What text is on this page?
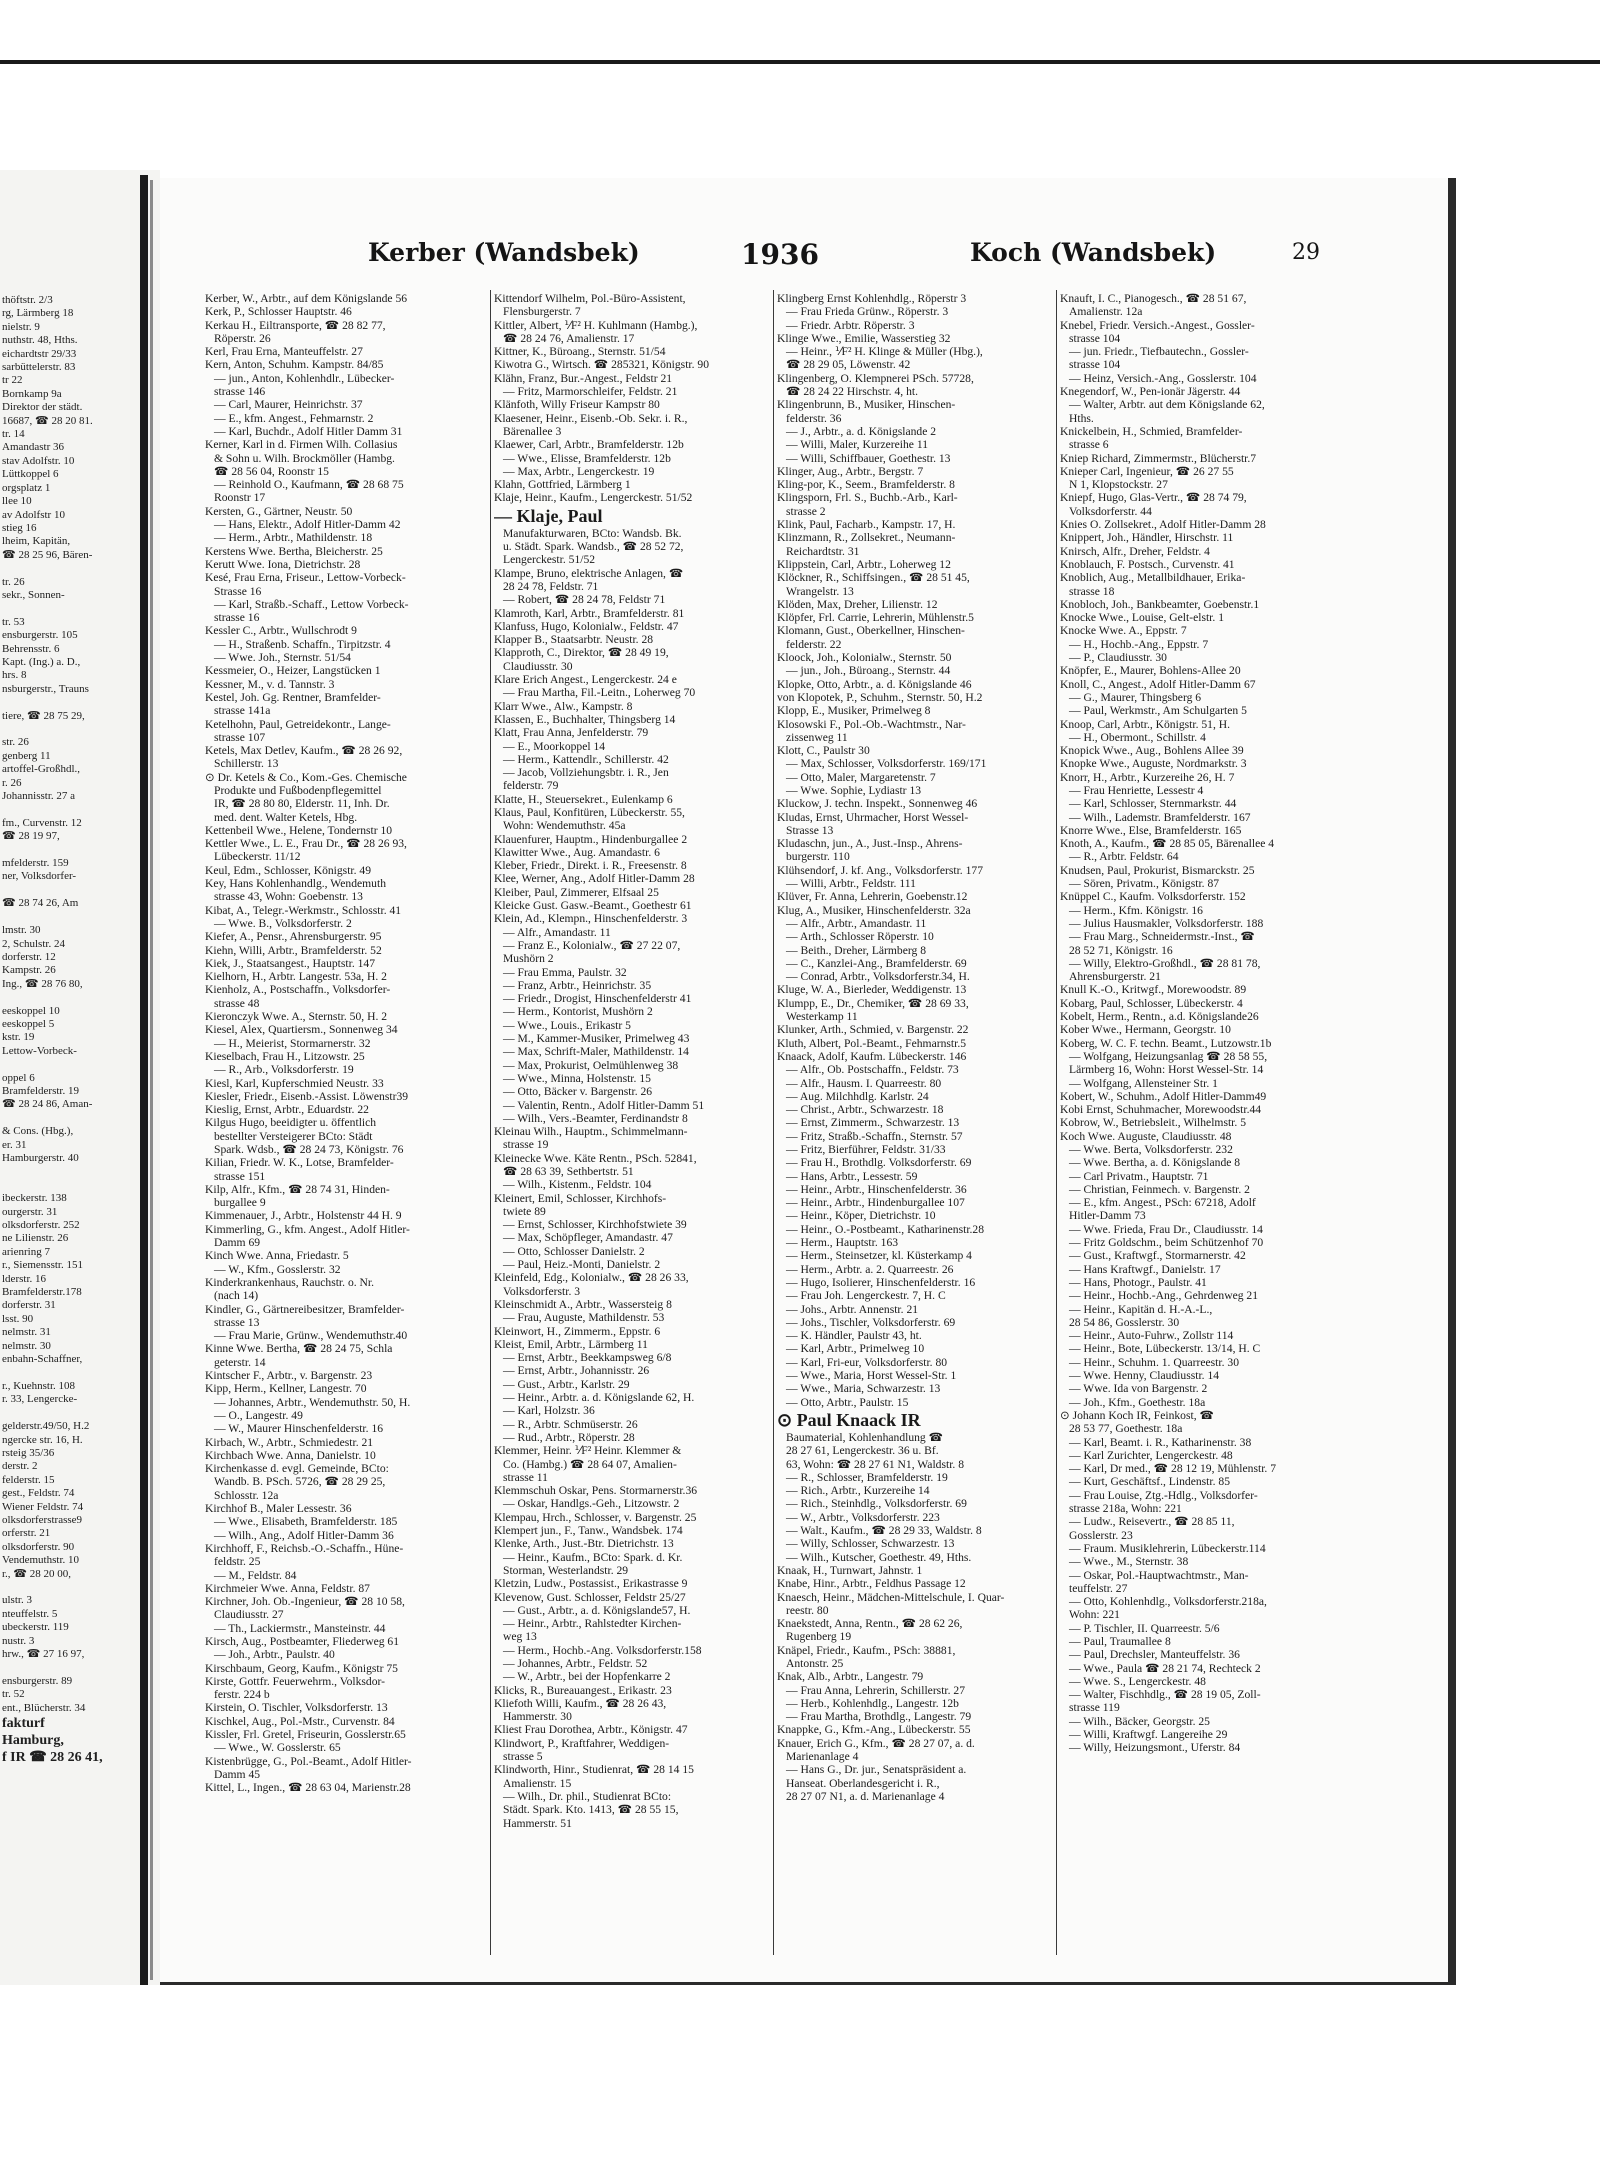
thöftstr. 2/3
rg, Lärmberg 18
nielstr. 9
nuthstr. 48, Hths.
eichardtstr 29/33
sarbüttelerstr. 83
tr 22
Bornkamp 9a
Direktor der städt.
16687, ☎ 28 20 81.
tr. 14
Amandastr 36
stav Adolfstr. 10
Lüttkoppel 6
orgsplatz 1
llee 10
av Adolfstr 10
stieg 16
lheim, Kapitän,
☎ 28 25 96, Bären-

tr. 26
sekr., Sonnen-

tr. 53
ensburgerstr. 105
Behrensstr. 6
Kapt. (Ing.) a. D.,
hrs. 8
nsburgerstr., Trauns

tiere, ☎ 28 75 29,

str. 26
genberg 11
artoffel-Großhdl.,
r. 26
Johannisstr. 27 a

fm., Curvenstr. 12
☎ 28 19 97,

mfelderstr. 159
ner, Volksdorfer-

☎ 28 74 26, Am

lmstr. 30
2, Schulstr. 24
dorferstr. 12
Kampstr. 26
Ing., ☎ 28 76 80,

eeskoppel 10
eeskoppel 5
kstr. 19
Lettow-Vorbeck-

oppel 6
Bramfelderstr. 19
☎ 28 24 86, Aman-

& Cons. (Hbg.),
er. 31
Hamburgerstr. 40

ibeckerstr. 138
ourgerstr. 31
olksdorferstr. 252
ne Lilienstr. 26
arienring 7
r., Siemensstr. 151
lderstr. 16
Bramfelderstr.178
dorferstr. 31
lsst. 90
nelmstr. 31
nelmstr. 30
enbahn-Schaffner,

r., Kuehnstr. 108
r. 33, Lengercke-

gelderstr.49/50, H.2
ngercke str. 16, H.
rsteig 35/36
derstr. 2
felderstr. 15
gest., Feldstr. 74
Wiener Feldstr. 74
olksdorferstrasse9
orferstr. 21
olksdorferstr. 90
Vendemuthstr. 10
r., ☎ 28 20 00,

ulstr. 3
nteuffelstr. 5
ubeckerstr. 119
nustr. 3
hrw., ☎ 27 16 97,

ensburgerstr. 89
tr. 52
ent., Blücherstr. 34
fakturf
Hamburg,
f IR ☎ 28 26 41,
Kerber (Wandsbek)	1936	Koch (Wandsbek)	29
Kerber, W., Arbtr., auf dem Königslande 56
Kerk, P., Schlosser Hauptstr. 46
Kerkau H., Eiltransporte, ☎ 28 82 77,
Röperstr. 26
Kerl, Frau Erna, Manteuffelstr. 27
Kern, Anton, Schuhm. Kampstr. 84/85
— jun., Anton, Kohlenhdlr., Lübecker-
strasse 146
— Carl, Maurer, Heinrichstr. 37
— E., kfm. Angest., Fehmarnstr. 2
— Karl, Buchdr., Adolf Hitler Damm 31
Kerner, Karl in d. Firmen Wilh. Collasius
& Sohn u. Wilh. Brockmöller (Hambg.
☎ 28 56 04, Roonstr 15
— Reinhold O., Kaufmann, ☎ 28 68 75
Roonstr 17
Kersten, G., Gärtner, Neustr. 50
— Hans, Elektr., Adolf Hitler-Damm 42
— Herm., Arbtr., Mathildenstr. 18
Kerstens Wwe. Bertha, Bleicherstr. 25
Kerutt Wwe. Iona, Dietrichstr. 28
Kesé, Frau Erna, Friseur., Lettow-Vorbeck-
Strasse 16
— Karl, Straßb.-Schaff., Lettow Vorbeck-
strasse 16
Kessler C., Arbtr., Wullschrodt 9
— H., Straßenb. Schaffn., Tirpitzstr. 4
— Wwe. Joh., Sternstr. 51/54
Kessmeier, O., Heizer, Langstücken 1
Kessner, M., v. d. Tannstr. 3
Kestel, Joh. Gg. Rentner, Bramfelder-
strasse 141a
Ketelhohn, Paul, Getreidekontr., Lange-
strasse 107
Ketels, Max Detlev, Kaufm., ☎ 28 26 92,
Schillerstr. 13
⊙ Dr. Ketels & Co., Kom.-Ges. Chemische
Produkte und Fußbodenpflegemittel
IR, ☎ 28 80 80, Elderstr. 11, Inh. Dr.
med. dent. Walter Ketels, Hbg.
Kettenbeil Wwe., Helene, Tondernstr 10
Kettler Wwe., L. E., Frau Dr., ☎ 28 26 93,
Lübeckerstr. 11/12
Keul, Edm., Schlosser, Königstr. 49
Key, Hans Kohlenhandlg., Wendemuth
strasse 43, Wohn: Goebenstr. 13
Kibat, A., Telegr.-Werkmstr., Schlosstr. 41
— Wwe. B., Volksdorferstr. 2
Kiefer, A., Pensr., Ahrensburgerstr. 95
Kiehn, Willi, Arbtr., Bramfelderstr. 52
Kiek, J., Staatsangest., Hauptstr. 147
Kielhorn, H., Arbtr. Langestr. 53a, H. 2
Kienholz, A., Postschaffn., Volksdorfer-
strasse 48
Kieronczyk Wwe. A., Sternstr. 50, H. 2
Kiesel, Alex, Quartiersm., Sonnenweg 34
— H., Meierist, Stormarnerstr. 32
Kieselbach, Frau H., Litzowstr. 25
— R., Arb., Volksdorferstr. 19
Kiesl, Karl, Kupferschmied Neustr. 33
Kiesler, Friedr., Eisenb.-Assist. Löwenstr39
Kieslig, Ernst, Arbtr., Eduardstr. 22
Kilgus Hugo, beeidigter u. öffentlich
bestellter Versteigerer BCto: Städt
Spark. Wdsb., ☎ 28 24 73, Königstr. 76
Kilian, Friedr. W. K., Lotse, Bramfelder-
strasse 151
Kilp, Alfr., Kfm., ☎ 28 74 31, Hinden-
burgallee 9
Kimmenauer, J., Arbtr., Holstenstr 44 H. 9
Kimmerling, G., kfm. Angest., Adolf Hitler-
Damm 69
Kinch Wwe. Anna, Friedastr. 5
— W., Kfm., Gosslerstr. 32
Kinderkrankenhaus, Rauchstr. o. Nr.
(nach 14)
Kindler, G., Gärtnereibesitzer, Bramfelder-
strasse 13
— Frau Marie, Grünw., Wendemuthstr.40
Kinne Wwe. Bertha, ☎ 28 24 75, Schla
geterstr. 14
Kintscher F., Arbtr., v. Bargenstr. 23
Kipp, Herm., Kellner, Langestr. 70
— Johannes, Arbtr., Wendemuthstr. 50, H.
— O., Langestr. 49
— W., Maurer Hinschenfelderstr. 16
Kirbach, W., Arbtr., Schmiedestr. 21
Kirchbach Wwe. Anna, Danielstr. 10
Kirchenkasse d. evgl. Gemeinde, BCto:
Wandb. B. PSch. 5726, ☎ 28 29 25,
Schlosstr. 12a
Kirchhof B., Maler Lessestr. 36
— Wwe., Elisabeth, Bramfelderstr. 185
— Wilh., Ang., Adolf Hitler-Damm 36
Kirchhoff, F., Reichsb.-O.-Schaffn., Hüne-
feldstr. 25
— M., Feldstr. 84
Kirchmeier Wwe. Anna, Feldstr. 87
Kirchner, Joh. Ob.-Ingenieur, ☎ 28 10 58,
Claudiusstr. 27
— Th., Lackiermstr., Mansteinstr. 44
Kirsch, Aug., Postbeamter, Fliederweg 61
— Joh., Arbtr., Paulstr. 40
Kirschbaum, Georg, Kaufm., Königstr 75
Kirste, Gottfr. Feuerwehrm., Volksdor-
ferstr. 224 b
Kirstein, O. Tischler, Volksdorferstr. 13
Kischkel, Aug., Pol.-Mstr., Curvenstr. 84
Kissler, Frl. Gretel, Friseurin, Gosslerstr.65
— Wwe., W. Gosslerstr. 65
Kistenbrügge, G., Pol.-Beamt., Adolf Hitler-
Damm 45
Kittel, L., Ingen., ☎ 28 63 04, Marienstr.28
Kittendorf Wilhelm, Pol.-Büro-Assistent,
Flensburgerstr. 7
Kittler, Albert, ⅟F² H. Kuhlmann (Hambg.),
☎ 28 24 76, Amalienstr. 17
Kittner, K., Büroang., Sternstr. 51/54
Kiwotra G., Wirtsch. ☎ 285321, Königstr. 90
Klähn, Franz, Bur.-Angest., Feldstr 21
— Fritz, Marmorschleifer, Feldstr. 21
Klänfoth, Willy Friseur Kampstr 80
Klaesener, Heinr., Eisenb.-Ob. Sekr. i. R.,
Bärenallee 3
Klaewer, Carl, Arbtr., Bramfelderstr. 12b
— Wwe., Elisse, Bramfelderstr. 12b
— Max, Arbtr., Lengerckestr. 19
Klahn, Gottfried, Lärmberg 1
Klaje, Heinr., Kaufm., Lengerckestr. 51/52
— Klaje, Paul
Manufakturwaren, BCto: Wandsb. Bk.
u. Städt. Spark. Wandsb., ☎ 28 52 72,
Lengerckestr. 51/52
Klampe, Bruno, elektrische Anlagen, ☎
28 24 78, Feldstr. 71
— Robert, ☎ 28 24 78, Feldstr 71
Klamroth, Karl, Arbtr., Bramfelderstr. 81
Klanfuss, Hugo, Kolonialw., Feldstr. 47
Klapper B., Staatsarbtr. Neustr. 28
Klapproth, C., Direktor, ☎ 28 49 19,
Claudiusstr. 30
Klare Erich Angest., Lengerckestr. 24 e
— Frau Martha, Fil.-Leitn., Loherweg 70
Klarr Wwe., Alw., Kampstr. 8
Klassen, E., Buchhalter, Thingsberg 14
Klatt, Frau Anna, Jenfelderstr. 79
— E., Moorkoppel 14
— Herm., Kattendlr., Schillerstr. 42
— Jacob, Vollziehungsbtr. i. R., Jen
felderstr. 79
Klatte, H., Steuersekret., Eulenkamp 6
Klaus, Paul, Konfitüren, Lübeckerstr. 55,
Wohn: Wendemuthstr. 45a
Klauenfurer, Hauptm., Hindenburgallee 2
Klawitter Wwe., Aug. Amandastr. 6
Kleber, Friedr., Direkt. i. R., Freesenstr. 8
Klee, Werner, Ang., Adolf Hitler-Damm 28
Kleiber, Paul, Zimmerer, Elfsaal 25
Kleicke Gust. Gasw.-Beamt., Goethestr 61
Klein, Ad., Klempn., Hinschenfelderstr. 3
— Alfr., Amandastr. 11
— Franz E., Kolonialw., ☎ 27 22 07,
Mushörn 2
— Frau Emma, Paulstr. 32
— Franz, Arbtr., Heinrichstr. 35
— Friedr., Drogist, Hinschenfelderstr 41
— Herm., Kontorist, Mushörn 2
— Wwe., Louis., Erikastr 5
— M., Kammer-Musiker, Primelweg 43
— Max, Schrift-Maler, Mathildenstr. 14
— Max, Prokurist, Oelmühlenweg 38
— Wwe., Minna, Holstenstr. 15
— Otto, Bäcker v. Bargenstr. 26
— Valentin, Rentn., Adolf Hitler-Damm 51
— Wilh., Vers.-Beamter, Ferdinandstr 8
Kleinau Wilh., Hauptm., Schimmelmann-
strasse 19
Kleinecke Wwe. Käte Rentn., PSch. 52841,
☎ 28 63 39, Sethbertstr. 51
— Wilh., Kistenm., Feldstr. 104
Kleinert, Emil, Schlosser, Kirchhofs-
twiete 89
— Ernst, Schlosser, Kirchhofstwiete 39
— Max, Schöpfleger, Amandastr. 47
— Otto, Schlosser Danielstr. 2
— Paul, Heiz.-Monti, Danielstr. 2
Kleinfeld, Edg., Kolonialw., ☎ 28 26 33,
Volksdorferstr. 3
Kleinschmidt A., Arbtr., Wassersteig 8
— Frau, Auguste, Mathildenstr. 53
Kleinwort, H., Zimmerm., Eppstr. 6
Kleist, Emil, Arbtr., Lärmberg 11
— Ernst, Arbtr., Beekkampsweg 6/8
— Ernst, Arbtr., Johannisstr. 26
— Gust., Arbtr., Karlstr. 29
— Heinr., Arbtr. a. d. Königslande 62, H.
— Karl, Holzstr. 36
— R., Arbtr. Schmüserstr. 26
— Rud., Arbtr., Röperstr. 28
Klemmer, Heinr. ⅟F² Heinr. Klemmer &
Co. (Hambg.) ☎ 28 64 07, Amalien-
strasse 11
Klemmschuh Oskar, Pens. Stormarnerstr.36
— Oskar, Handlgs.-Geh., Litzowstr. 2
Klempau, Hrch., Schlosser, v. Bargenstr. 25
Klempert jun., F., Tanw., Wandsbek. 174
Klenke, Arth., Just.-Btr. Dietrichstr. 13
— Heinr., Kaufm., BCto: Spark. d. Kr.
Storman, Westerlandstr. 29
Kletzin, Ludw., Postassist., Erikastrasse 9
Klevenow, Gust. Schlosser, Feldstr 25/27
— Gust., Arbtr., a. d. Königslande57, H.
— Heinr., Arbtr., Rahlstedter Kirchen-
weg 13
— Herm., Hochb.-Ang. Volksdorferstr.158
— Johannes, Arbtr., Feldstr. 52
— W., Arbtr., bei der Hopfenkarre 2
Klicks, R., Bureauangest., Erikastr. 23
Kliefoth Willi, Kaufm., ☎ 28 26 43,
Hammerstr. 30
Kliest Frau Dorothea, Arbtr., Königstr. 47
Klindwort, P., Kraftfahrer, Weddigen-
strasse 5
Klindworth, Hinr., Studienrat, ☎ 28 14 15
Amalienstr. 15
— Wilh., Dr. phil., Studienrat BCto:
Städt. Spark. Kto. 1413, ☎ 28 55 15,
Hammerstr. 51
Klingberg Ernst Kohlenhdlg., Röperstr 3
— Frau Frieda Grünw., Röperstr. 3
— Friedr. Arbtr. Röperstr. 3
Klinge Wwe., Emilie, Wasserstieg 32
— Heinr., ⅟F² H. Klinge & Müller (Hbg.),
☎ 28 29 05, Löwenstr. 42
Klingenberg, O. Klempnerei PSch. 57728,
☎ 28 24 22 Hirschstr. 4, ht.
Klingenbrunn, B., Musiker, Hinschen-
felderstr. 36
— J., Arbtr., a. d. Königslande 2
— Willi, Maler, Kurzereihe 11
— Willi, Schiffbauer, Goethestr. 13
Klinger, Aug., Arbtr., Bergstr. 7
Kling-por, K., Seem., Bramfelderstr. 8
Klingsporn, Frl. S., Buchb.-Arb., Karl-
strasse 2
Klink, Paul, Facharb., Kampstr. 17, H.
Klinzmann, R., Zollsekret., Neumann-
Reichardtstr. 31
Klippstein, Carl, Arbtr., Loherweg 12
Klöckner, R., Schiffsingen., ☎ 28 51 45,
Wrangelstr. 13
Klöden, Max, Dreher, Lilienstr. 12
Klöpfer, Frl. Carrie, Lehrerin, Mühlenstr.5
Klomann, Gust., Oberkellner, Hinschen-
felderstr. 22
Kloock, Joh., Kolonialw., Sternstr. 50
— jun., Joh., Büroang., Sternstr. 44
Klopke, Otto, Arbtr., a. d. Königslande 46
von Klopotek, P., Schuhm., Sternstr. 50, H.2
Klopp, E., Musiker, Primelweg 8
Klosowski F., Pol.-Ob.-Wachtmstr., Nar-
zissenweg 11
Klott, C., Paulstr 30
— Max, Schlosser, Volksdorferstr. 169/171
— Otto, Maler, Margaretenstr. 7
— Wwe. Sophie, Lydiastr 13
Kluckow, J. techn. Inspekt., Sonnenweg 46
Kludas, Ernst, Uhrmacher, Horst Wessel-
Strasse 13
Kludaschn, jun., A., Just.-Insp., Ahrens-
burgerstr. 110
Klühsendorf, J. kf. Ang., Volksdorferstr. 177
— Willi, Arbtr., Feldstr. 111
Klüver, Fr. Anna, Lehrerin, Goebenstr.12
Klug, A., Musiker, Hinschenfelderstr. 32a
— Alfr., Arbtr., Amandastr. 11
— Arth., Schlosser Röperstr. 10
— Beith., Dreher, Lärmberg 8
— C., Kanzlei-Ang., Bramfelderstr. 69
— Conrad, Arbtr., Volksdorferstr.34, H.
Kluge, W. A., Bierleder, Weddigenstr. 13
Klumpp, E., Dr., Chemiker, ☎ 28 69 33,
Westerkamp 11
Klunker, Arth., Schmied, v. Bargenstr. 22
Kluth, Albert, Pol.-Beamt., Fehmarnstr.5
Knaack, Adolf, Kaufm. Lübeckerstr. 146
— Alfr., Ob. Postschaffn., Feldstr. 73
— Alfr., Hausm. I. Quarreestr. 80
— Aug. Milchhdlg. Karlstr. 24
— Christ., Arbtr., Schwarzestr. 18
— Ernst, Zimmerm., Schwarzestr. 13
— Fritz, Straßb.-Schaffn., Sternstr. 57
— Fritz, Bierführer, Feldstr. 31/33
— Frau H., Brothdlg. Volksdorferstr. 69
— Hans, Arbtr., Lessestr. 59
— Heinr., Arbtr., Hinschenfelderstr. 36
— Heinr., Arbtr., Hindenburgallee 107
— Heinr., Köper, Dietrichstr. 10
— Heinr., O.-Postbeamt., Katharinenstr.28
— Herm., Hauptstr. 163
— Herm., Steinsetzer, kl. Küsterkamp 4
— Herm., Arbtr. a. 2. Quarreestr. 26
— Hugo, Isolierer, Hinschenfelderstr. 16
— Frau Joh. Lengerckestr. 7, H. C
— Johs., Arbtr. Annenstr. 21
— Johs., Tischler, Volksdorferstr. 69
— K. Händler, Paulstr 43, ht.
— Karl, Arbtr., Primelweg 10
— Karl, Fri-eur, Volksdorferstr. 80
— Wwe., Maria, Horst Wessel-Str. 1
— Wwe., Maria, Schwarzestr. 13
— Otto, Arbtr., Paulstr. 15
⊙ Paul Knaack IR
Baumaterial, Kohlenhandlung ☎
28 27 61, Lengerckestr. 36 u. Bf.
63, Wohn: ☎ 28 27 61 N1, Waldstr. 8
— R., Schlosser, Bramfelderstr. 19
— Rich., Arbtr., Kurzereihe 14
— Rich., Steinhdlg., Volksdorferstr. 69
— W., Arbtr., Volksdorferstr. 223
— Walt., Kaufm., ☎ 28 29 33, Waldstr. 8
— Willy, Schlosser, Schwarzestr. 13
— Wilh., Kutscher, Goethestr. 49, Hths.
Knaak, H., Turnwart, Jahnstr. 1
Knabe, Hinr., Arbtr., Feldhus Passage 12
Knaesch, Heinr., Mädchen-Mittelschule, I. Quar-
reestr. 80
Knaekstedt, Anna, Rentn., ☎ 28 62 26,
Rugenberg 19
Knäpel, Friedr., Kaufm., PSch: 38881,
Antonstr. 25
Knak, Alb., Arbtr., Langestr. 79
— Frau Anna, Lehrerin, Schillerstr. 27
— Herb., Kohlenhdlg., Langestr. 12b
— Frau Martha, Brothdlg., Langestr. 79
Knappke, G., Kfm.-Ang., Lübeckerstr. 55
Knauer, Erich G., Kfm., ☎ 28 27 07, a. d.
Marienanlage 4
— Hans G., Dr. jur., Senatspräsident a.
Hanseat. Oberlandesgericht i. R.,
28 27 07 N1, a. d. Marienanlage 4
Knauft, I. C., Pianogesch., ☎ 28 51 67,
Amalienstr. 12a
Knebel, Friedr. Versich.-Angest., Gossler-
strasse 104
— jun. Friedr., Tiefbautechn., Gossler-
strasse 104
— Heinz, Versich.-Ang., Gosslerstr. 104
Knegendorf, W., Pen-ionär Jägerstr. 44
— Walter, Arbtr. aut dem Königslande 62,
Hths.
Knickelbein, H., Schmied, Bramfelder-
strasse 6
Kniep Richard, Zimmermstr., Blücherstr.7
Knieper Carl, Ingenieur, ☎ 26 27 55
N 1, Klopstockstr. 27
Kniepf, Hugo, Glas-Vertr., ☎ 28 74 79,
Volksdorferstr. 44
Knies O. Zollsekret., Adolf Hitler-Damm 28
Knippert, Joh., Händler, Hirschstr. 11
Knirsch, Alfr., Dreher, Feldstr. 4
Knoblauch, F. Postsch., Curvenstr. 41
Knoblich, Aug., Metallbildhauer, Erika-
strasse 18
Knobloch, Joh., Bankbeamter, Goebenstr.1
Knocke Wwe., Louise, Gelt-elstr. 1
Knocke Wwe. A., Eppstr. 7
— H., Hochb.-Ang., Eppstr. 7
— P., Claudiusstr. 30
Knöpfer, E., Maurer, Bohlens-Allee 20
Knoll, C., Angest., Adolf Hitler-Damm 67
— G., Maurer, Thingsberg 6
— Paul, Werkmstr., Am Schulgarten 5
Knoop, Carl, Arbtr., Königstr. 51, H.
— H., Obermont., Schillstr. 4
Knopick Wwe., Aug., Bohlens Allee 39
Knopke Wwe., Auguste, Nordmarkstr. 3
Knorr, H., Arbtr., Kurzereihe 26, H. 7
— Frau Henriette, Lessestr 4
— Karl, Schlosser, Sternmarkstr. 44
— Wilh., Lademstr. Bramfelderstr. 167
Knorre Wwe., Else, Bramfelderstr. 165
Knoth, A., Kaufm., ☎ 28 85 05, Bärenallee 4
— R., Arbtr. Feldstr. 64
Knudsen, Paul, Prokurist, Bismarckstr. 25
— Sören, Privatm., Königstr. 87
Knüppel C., Kaufm. Volksdorferstr. 152
— Herm., Kfm. Königstr. 16
— Julius Hausmakler, Volksdorferstr. 188
— Frau Marg., Schneidermstr.-Inst., ☎
28 52 71, Königstr. 16
— Willy, Elektro-Großhdl., ☎ 28 81 78,
Ahrensburgerstr. 21
Knull K.-O., Kritwgf., Morewoodstr. 89
Kobarg, Paul, Schlosser, Lübeckerstr. 4
Kobelt, Herm., Rentn., a.d. Königslande26
Kober Wwe., Hermann, Georgstr. 10
Koberg, W. C. F. techn. Beamt., Lutzowstr.1b
— Wolfgang, Heizungsanlag ☎ 28 58 55,
Lärmberg 16, Wohn: Horst Wessel-Str. 14
— Wolfgang, Allensteiner Str. 1
Kobert, W., Schuhm., Adolf Hitler-Damm49
Kobi Ernst, Schuhmacher, Morewoodstr.44
Kobrow, W., Betriebsleit., Wilhelmstr. 5
Koch Wwe. Auguste, Claudiusstr. 48
— Wwe. Berta, Volksdorferstr. 232
— Wwe. Bertha, a. d. Königslande 8
— Carl Privatm., Hauptstr. 71
— Christian, Feinmech. v. Bargenstr. 2
— E., kfm. Angest., PSch: 67218, Adolf
Hitler-Damm 73
— Wwe. Frieda, Frau Dr., Claudiusstr. 14
— Fritz Goldschm., beim Schützenhof 70
— Gust., Kraftwgf., Stormarnerstr. 42
— Hans Kraftwgf., Danielstr. 17
— Hans, Photogr., Paulstr. 41
— Heinr., Hochb.-Ang., Gehrdenweg 21
— Heinr., Kapitän d. H.-A.-L.,
28 54 86, Gosslerstr. 30
— Heinr., Auto-Fuhrw., Zollstr 114
— Heinr., Bote, Lübeckerstr. 13/14, H. C
— Heinr., Schuhm. 1. Quarreestr. 30
— Wwe. Henny, Claudiusstr. 14
— Wwe. Ida von Bargenstr. 2
— Joh., Kfm., Goethestr. 18a
⊙ Johann Koch IR, Feinkost, ☎
28 53 77, Goethestr. 18a
— Karl, Beamt. i. R., Katharinenstr. 38
— Karl Zurichter, Lengerckestr. 48
— Karl, Dr med., ☎ 28 12 19, Mühlenstr. 7
— Kurt, Geschäftsf., Lindenstr. 85
— Frau Louise, Ztg.-Hdlg., Volksdorfer-
strasse 218a, Wohn: 221
— Ludw., Reisevertr., ☎ 28 85 11,
Gosslerstr. 23
— Fraum. Musiklehrerin, Lübeckerstr.114
— Wwe., M., Sternstr. 38
— Oskar, Pol.-Hauptwachtmstr., Man-
teuffelstr. 27
— Otto, Kohlenhdlg., Volksdorferstr.218a,
Wohn: 221
— P. Tischler, II. Quarreestr. 5/6
— Paul, Traumallee 8
— Paul, Drechsler, Manteuffelstr. 36
— Wwe., Paula ☎ 28 21 74, Rechteck 2
— Wwe. S., Lengerckestr. 48
— Walter, Fischhdlg., ☎ 28 19 05, Zoll-
strasse 119
— Wilh., Bäcker, Georgstr. 25
— Willi, Kraftwgf. Langereihe 29
— Willy, Heizungsmont., Uferstr. 84
